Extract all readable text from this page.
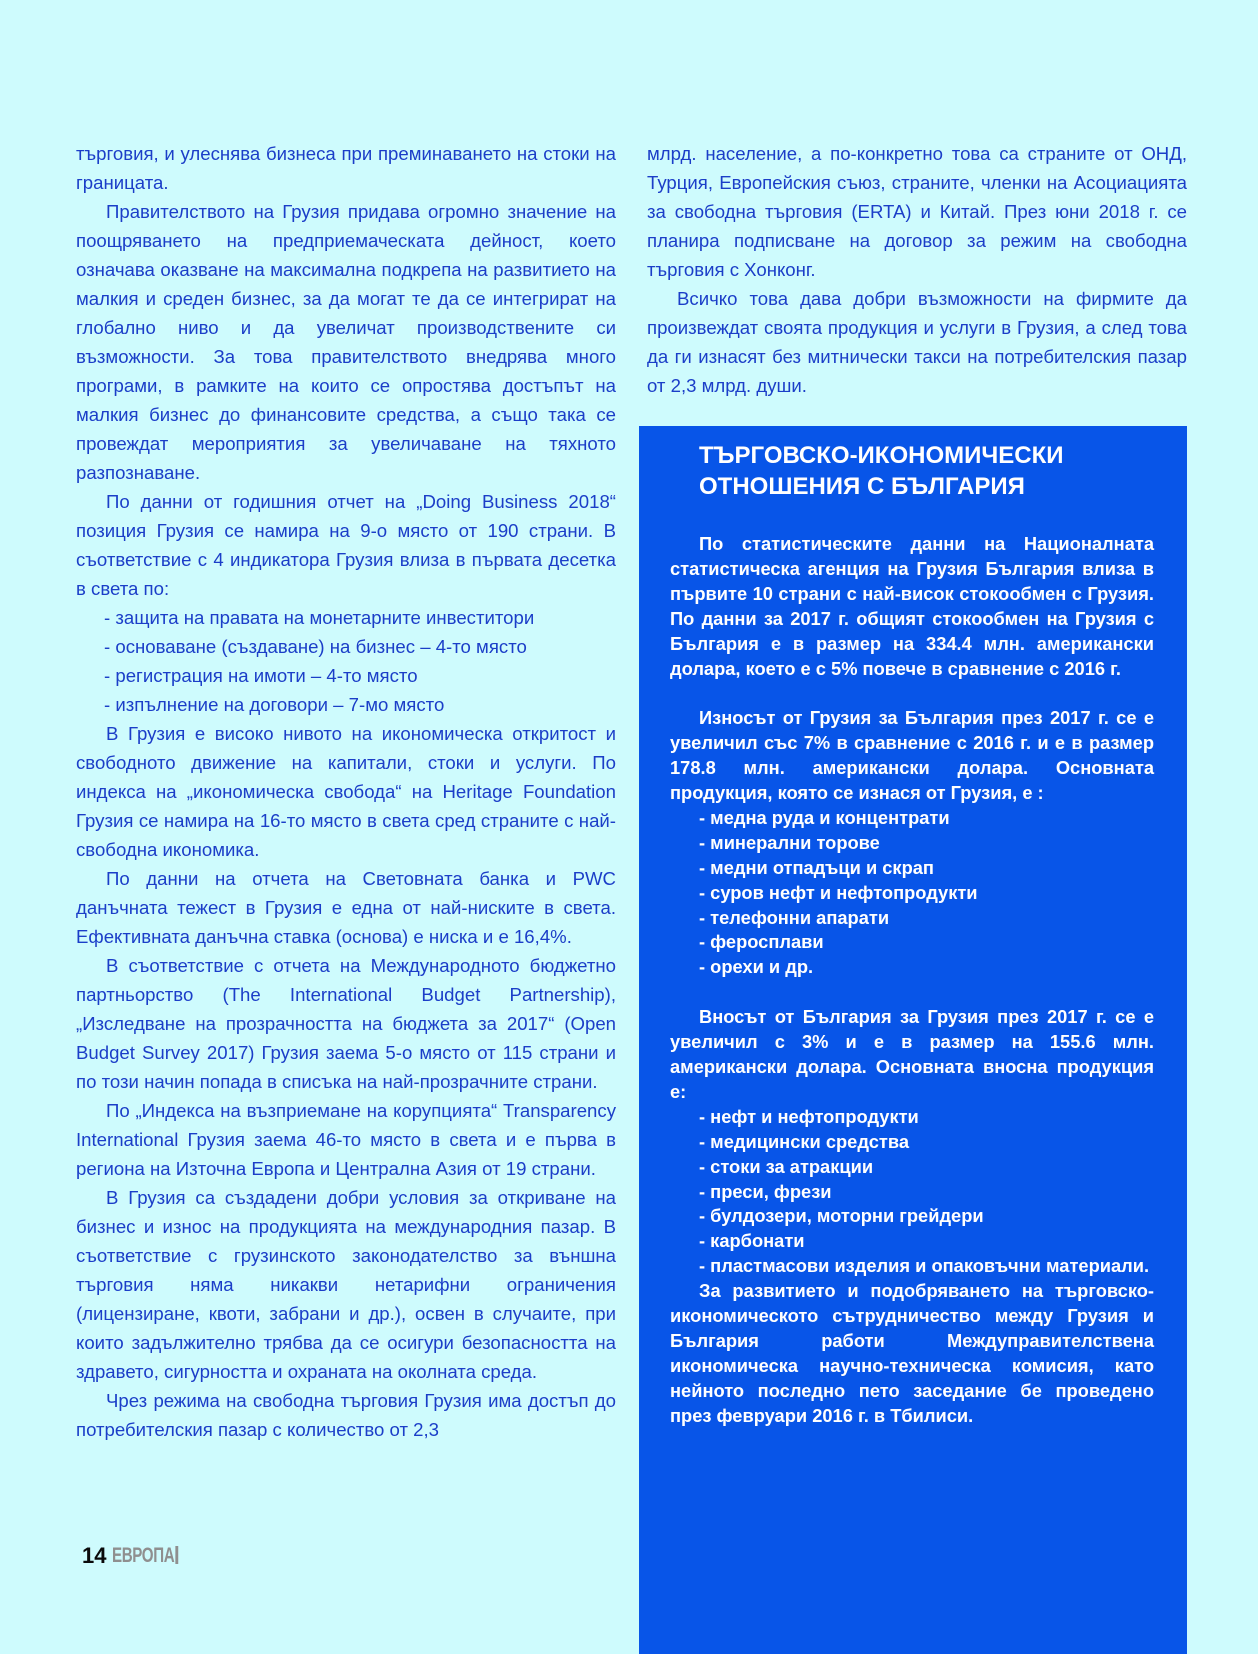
търговия, и улеснява бизнеса при преминаването на стоки на границата.

Правителството на Грузия придава огромно значение на поощряването на предприемаческата дейност, което означава оказване на максимална подкрепа на развитието на малкия и среден бизнес, за да могат те да се интегрират на глобално ниво и да увеличат производствените си възможности. За това правителството внедрява много програми, в рамките на които се опростява достъпът на малкия бизнес до финансовите средства, а също така се провеждат мероприятия за увеличаване на тяхното разпознаване.

По данни от годишния отчет на „Doing Business 2018“ позиция Грузия се намира на 9-о място от 190 страни. В съответствие с 4 индикатора Грузия влиза в първата десетка в света по:

- защита на правата на монетарните инвеститори

- основаване (създаване) на бизнес – 4-то място

- регистрация на имоти – 4-то място

- изпълнение на договори – 7-мо място

В Грузия е високо нивото на икономическа откритост и свободното движение на капитали, стоки и услуги. По индекса на „икономическа свобода“ на Heritage Foundation Грузия се намира на 16-то място в света сред страните с най-свободна икономика.

По данни на отчета на Световната банка и PWC данъчната тежест в Грузия е една от най-ниските в света. Ефективната данъчна ставка (основа) е ниска и е 16,4%.

В съответствие с отчета на Международното бюджетно партньорство (The International Budget Partnership), „Изследване на прозрачността на бюджета за 2017“ (Open Budget Survey 2017) Грузия заема 5-о място от 115 страни и по този начин попада в списъка на най-прозрачните страни.

По „Индекса на възприемане на корупцията“ Transparency International Грузия заема 46-то място в света и е първа в региона на Източна Европа и Централна Азия от 19 страни.

В Грузия са създадени добри условия за откриване на бизнес и износ на продукцията на международния пазар. В съответствие с грузинското законодателство за външна търговия няма никакви нетарифни ограничения (лицензиране, квоти, забрани и др.), освен в случаите, при които задължително трябва да се осигури безопасността на здравето, сигурността и охраната на околната среда.

Чрез режима на свободна търговия Грузия има достъп до потребителския пазар с количество от 2,3

млрд. население, а по-конкретно това са страните от ОНД, Турция, Европейския съюз, страните, членки на Асоциацията за свободна търговия (ERTA) и Китай. През юни 2018 г. се планира подписване на договор за режим на свободна търговия с Хонконг.

Всичко това дава добри възможности на фирмите да произвеждат своята продукция и услуги в Грузия, а след това да ги изнасят без митнически такси на потребителския пазар от 2,3 млрд. души.

ТЪРГОВСКО-ИКОНОМИЧЕСКИ
ОТНОШЕНИЯ С БЪЛГАРИЯ

По статистическите данни на Националната статистическа агенция на Грузия България влиза в първите 10 страни с най-висок стокообмен с Грузия. По данни за 2017 г. общият стокообмен на Грузия с България е в размер на 334.4 млн. американски долара, което е с 5% повече в сравнение с 2016 г.

Износът от Грузия за България през 2017 г. се е увеличил със 7% в сравнение с 2016 г. и е в размер 178.8 млн. американски долара. Основната продукция, която се изнася от Грузия, е :

- медна руда и концентрати

- минерални торове

- медни отпадъци и скрап

- суров нефт и нефтопродукти

- телефонни апарати

- феросплави

- орехи и др.

Вносът от България за Грузия през 2017 г. се е увеличил с 3% и е в размер на 155.6 млн. американски долара. Основната вносна продукция е:

- нефт и нефтопродукти

- медицински средства

- стоки за атракции

- преси, фрези

- булдозери, моторни грейдери

- карбонати

- пластмасови изделия и опаковъчни материали.

За развитието и подобряването на търговско-икономическото сътрудничество между Грузия и България работи Междуправителствена икономическа научно-техническа комисия, като нейното последно пето заседание бе проведено през февруари 2016 г. в Тбилиси.

14 ЕВРОПА
